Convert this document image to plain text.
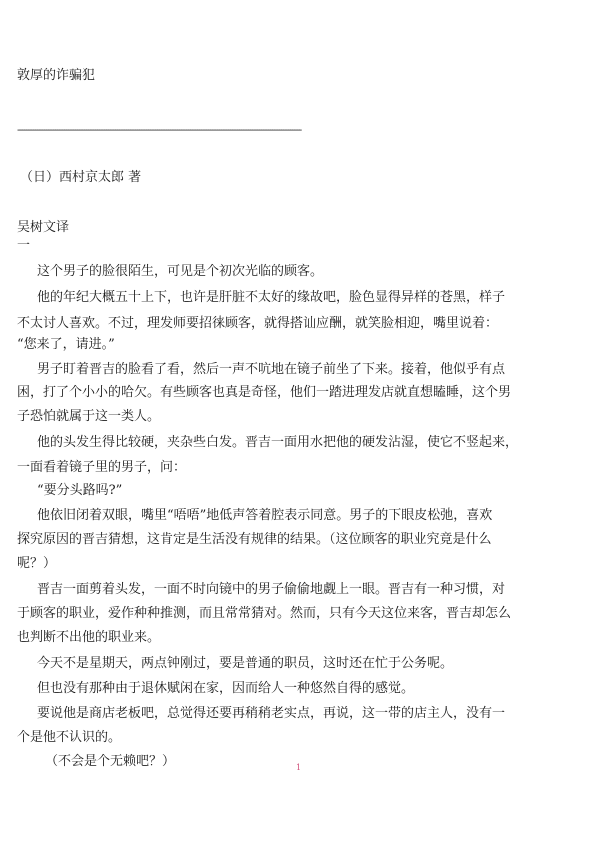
敦厚的诈骗犯

--------------------------------------------------------------------------------------------------------------------------------

（日）西村京太郎 著

吴树文译

一

这个男子的脸很陌生，可见是个初次光临的顾客。

他的年纪大概五十上下，也许是肝脏不太好的缘故吧，脸色显得异样的苍黑，样子

不太讨人喜欢。不过，理发师要招徕顾客，就得搭讪应酬，就笑脸相迎，嘴里说着：

“您来了，请进。”

男子盯着晋吉的脸看了看，然后一声不吭地在镜子前坐了下来。接着，他似乎有点

困，打了个小小的哈欠。有些顾客也真是奇怪，他们一踏进理发店就直想瞌睡，这个男

子恐怕就属于这一类人。

他的头发生得比较硬，夹杂些白发。晋吉一面用水把他的硬发沾湿，使它不竖起来，

一面看着镜子里的男子，问：

“要分头路吗?”

他依旧闭着双眼，嘴里“唔唔”地低声答着腔表示同意。男子的下眼皮松弛，喜欢

探究原因的晋吉猜想，这肯定是生活没有规律的结果。（这位顾客的职业究竟是什么

呢？）

晋吉一面剪着头发，一面不时向镜中的男子偷偷地觑上一眼。晋吉有一种习惯，对

于顾客的职业，爱作种种推测，而且常常猜对。然而，只有今天这位来客，晋吉却怎么

也判断不出他的职业来。

今天不是星期天，两点钟刚过，要是普通的职员，这时还在忙于公务呢。

但也没有那种由于退休赋闲在家，因而给人一种悠然自得的感觉。

要说他是商店老板吧，总觉得还要再稍稍老实点，再说，这一带的店主人，没有一

个是他不认识的。

（不会是个无赖吧？）	1
